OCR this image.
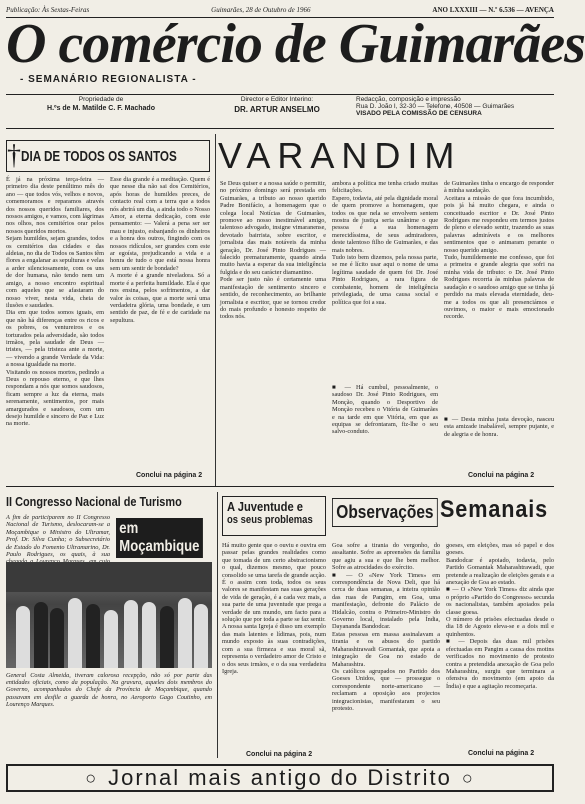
Publicação: Às Sextas-Feiras	Guimarães, 28 de Outubro de 1966	ANO LXXXIII — N.º 6.536 — AVENÇA
O comércio de Guimarães
- SEMANÁRIO REGIONALISTA -
Propriedade de
H.ºs de M. Matilde C. F. Machado
Director e Editor Interino:
DR. ARTUR ANSELMO
Redacção, composição e impressão
Rua D. João I, 32-30 — Telefone, 40508 — Guimarães
VISADO PELA COMISSÃO DE CENSURA
† DIA DE TODOS OS SANTOS
É já na próxima terça-feira — primeiro dia deste penúltimo mês do ano — que todos vós, velhos e novos, comemoramos e reparamos através dos nossos queridos familiares, dos nossos amigos, e vamos, com lágrimas nos olhos, nos cemitérios orar pelos nossos queridos mortos.
Sejam humildes, sejam grandes, todos os cemitérios das cidades e das aldeias, no dia de Todos os Santos têm flores a engalanar as sepulturas e velas a arder silenciosamente, com os uns de dor humana, não tendo nem um amigo, a nosso encontro espiritual com aqueles que se afastaram do nosso viver, nesta vida, cheia de ilusões e saudades.
Dia em que todos somos iguais, em que não há diferenças entre os ricos e os pobres, os ventureiros e os torturados pela adversidade, são todos irmãos, pela saudade de Deus — tristes, — pela tristeza ante a morte, — vivendo a grande Verdade da Vida: a nossa igualdade na morte.
Visitando os nossos mortos, pedindo a Deus o repouso eterno, e que lhes respondam a nós que somos saudosos, ficam sempre a luz da eterna, mais serenamente, sentimentos, por mais amargurados e saudosos, com um desejo humilde e sincero de Paz e Luz na morte.
Esse dia grande é a meditação. Quem é que nesse dia não sai dos Cemitérios, após horas de humildes preces, de contacto real com a terra que a todos nós abrirá um dia, a ainda todo o Nosso Amor, a eterna dedicação, com este pensamento: — Valerá a pena ser ser mau e injusto, esbanjando os dinheiros e a honra dos outros, fingindo com os nossos ridículos, ser grandes com este ar egoísta, prejudicando a vida e a honra de tudo o que está nossa honra sem um sentir de bondade?
A morte é a grande niveladora. Só a morte é a perfeita humildade. Ela é que nos ensina, pelos sofrimentos, a dar valor às coisas, que a morte será uma verdadeira glória, uma bondade, e um sentido de paz, de fé e de caridade na sepultura.
Conclui na página 2
VARANDIM
Se Deus quiser e a nossa saúde o permitir, no próximo domingo será prestada em Guimarães, a tributo ao nosso querido Padre Bonifácio, a homenagem que o colega local Notícias de Guimarães, promove ao nosso inestimável amigo, talentoso advogado, insigne vimaranense, devotado bairrista, sobre escritor, e jornalista das mais notáveis da minha geração, Dr. José Pinto Rodrigues — falecido prematuramente, quando ainda muito havia a esperar da sua inteligência fulgida e do seu carácter diamantino.
Pode ser justo não é certamente uma manifestação de sentimento sincero e sentido, de reconhecimento, ao brilhante jornalista e escritor, que se tornou credor do mais profundo e honesto respeito de todos nós.
ambora a política me tenha criado muitas felicitações.
Espero, todavia, até pela dignidade moral de quem promove a homenagem, que todos os que nela se envolvem sentem mostra de justiça seria unânime o que pessoa é a sua homenagem merecidíssima, de seus admiradores, deste talentoso filho de Guimarães, e das mais nobres.
Tudo isto bem dizemos, pela nossa parte, se me é lícito usar aqui o nome de uma legítima saudade de quem foi Dr. José Pinto Rodrigues, a rara figura de combatente, homem de inteligência privilegiada, de uma causa social e política que foi a sua.
■ — Há cumbul, pessoalmente, o saudoso Dr. José Pinto Rodrigues, em Monção, quando o Desportivo de Monção recebeu o Vitória de Guimarães e na tarde em que Vitória, em que as equipas se defrontaram, fiz-lhe o seu salvo-conduto.
de Guimarães tinha o encargo de responder à minha saudação.
Aceitara a missão de que fora incumbido, pois já há muito chegara, e ainda o conceituado escritor e Dr. José Pinto Rodrigues me respondeu em termos justos de pleno e elevado sentir, trazendo as suas palavras admiráveis e os melhores sentimentos que o animaram perante o nosso querido amigo.
Tudo, humildemente me confesso, que foi a primeira e grande alegria que sofri na minha vida de tributo: o Dr. José Pinto Rodrigues recorria às minhas palavras de saudação e o saudoso amigo que se tinha já perdido na mais elevada eternidade, deu-me a todos os que ali presenciámos e ouvimos, o maior e mais emocionado recorde.
■ — Desta minha justa devoção, nasceu esta amizade inabalável, sempre pujante, e de alegria e de honra.
Conclui na página 2
II Congresso Nacional de Turismo
A fim de participarem no II Congresso Nacional de Turismo, deslocaram-se a Moçambique o Ministro do Ultramar, Prof. Dr. Silva Cunha; o Subsecretário de Estado do Fomento Ultramarino, Dr. Paulo Rodrigues, os quais, à sua
em Moçambique
General Costa Almeida, tiveram calorosa recepção, não só por parte das entidades oficiais, como da população. Na gravura, aqueles dois membros do Governo, acompanhados do Chefe da Província de Moçambique, quando passavam em desfile a guarda de honra, no Aeroporto Gago Coutinho, em Lourenço Marques.
A Juventude e
os seus problemas
Há muito gente que o ouviu e ouvira em passar pelas grandes realidades como que tomada de um certo abstracionismo o qual, dizemos mesmo, que pouco consolido se uma tarefa de grande acção. É o assim com toda, todos os seus valores se manifestam nas suas gerações de vida de geração, é a cada vez mais, a sua parte de uma juventude que prega a verdade de um mundo, um facto para a solução que por toda a parte se faz sentir.
A nossa santa Igreja é disso um exemplo das mais latentes e lídimas, pois, num mundo exposto às suas contradições, com a sua firmeza e sua moral sã, representa o verdadeiro amor de Cristo e o dos seus irmãos, e o da sua verdadeira Igreja.
Conclui na página 2
Observações Semanais
Goa sofre a tirania do vergonho, do assaltante. Sofre as apreensões da família que agiu a sua e que lhe bem melhor. Sofre as atrocidades do exército.
■ — O «New York Times» em correspondência de Nova Deli, que há cerca de duas semanas, a inteira opinião das ruas de Pangim, em Goa, uma manifestação, defronte do Palácio de Hidalcão, contra o Primeiro-Ministro do Governo local, instalado pela Índia, Dayananda Bandodcar.
Estas pessoas em massa assinalavam a tirania e os abusos do partido Maharashtrawadi Gomantak, que apoia a integração de Goa no estado de Maharashtra.
Os católicos agrupados no Partido dos Goeses Unidos, que — prossegue o correspondente norte-americano — reclamam a oposição aos projectos integracionistas, manifestaram o seu protesto.
goeses, em eleições, mas só papel e dos goeses.
Bandodcar é apoiado, todavia, pelo Partido Gomantak Maharashtrawadi, que pretende a realização de eleições gerais e a anexação de Goa ao estado.
■ — O «New York Times» diz ainda que o próprio «Partido do Congresso» secunda os nacionalistas, também apoiados pela classe goesa.
O número de prisões efectuadas desde o dia 18 de Agosto eleva-se e a dois mil e quinhentos.
■ — Depois das duas mil prisões efectuadas em Pangim a causa dos motins verificados no movimento de protesto contra a pretendida anexação de Goa pelo Maharashtra, surgiu que terminara a ofensiva do movimento (em apoio da Índia) e que a agitação recomeçaria.
Conclui na página 2
○ Jornal mais antigo do Distrito ○
